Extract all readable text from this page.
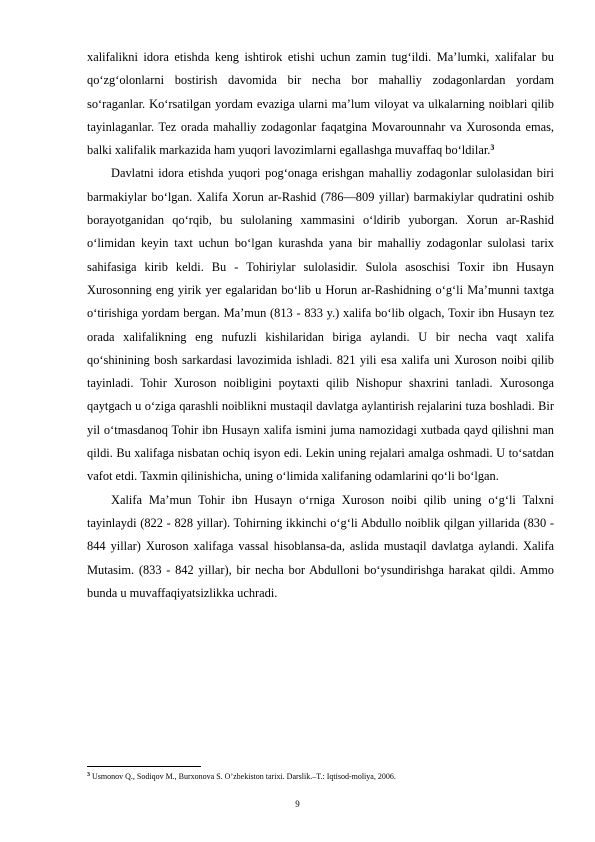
xalifalikni idora etishda keng ishtirok etishi uchun zamin tug‘ildi. Ma’lumki, xalifalar bu qo‘zg‘olonlarni bostirish davomida bir necha bor mahalliy zodagonlardan yordam so‘raganlar. Ko‘rsatilgan yordam evaziga ularni ma’lum viloyat va ulkalarning noiblari qilib tayinlaganlar. Tez orada mahalliy zodagonlar faqatgina Movarounnahr va Xurosonda emas, balki xalifalik markazida ham yuqori lavozimlarni egallashga muvaffaq bo‘ldilar.$^3$

Davlatni idora etishda yuqori pog‘onaga erishgan mahalliy zodagonlar sulolasidan biri barmakiylar bo‘lgan. Xalifa Xorun ar-Rashid (786—809 yillar) barmakiylar qudratini oshib borayotganidan qo‘rqib, bu sulolaning xammasini o‘ldirib yuborgan. Xorun ar-Rashid o‘limidan keyin taxt uchun bo‘lgan kurashda yana bir mahalliy zodagonlar sulolasi tarix sahifasiga kirib keldi. Bu - Tohiriylar sulolasidir. Sulola asoschisi Toxir ibn Husayn Xurosonning eng yirik yer egalaridan bo‘lib u Horun ar-Rashidning o‘g‘li Ma’munni taxtga o‘tirishiga yordam bergan. Ma’mun (813 - 833 y.) xalifa bo‘lib olgach, Toxir ibn Husayn tez orada xalifalikning eng nufuzli kishilaridan biriga aylandi. U bir necha vaqt xalifa qo‘shinining bosh sarkardasi lavozimida ishladi. 821 yili esa xalifa uni Xuroson noibi qilib tayinladi. Tohir Xuroson noibligini poytaxti qilib Nishopur shaxrini tanladi. Xurosonga qaytgach u o‘ziga qarashli noiblikni mustaqil davlatga aylantirish rejalarini tuza boshladi. Bir yil o‘tmasdanoq Tohir ibn Husayn xalifa ismini juma namozidagi xutbada qayd qilishni man qildi. Bu xalifaga nisbatan ochiq isyon edi. Lekin uning rejalari amalga oshmadi. U to‘satdan vafot etdi. Taxmin qilinishicha, uning o‘limida xalifaning odamlarini qo‘li bo‘lgan.

Xalifa Ma’mun Tohir ibn Husayn o‘rniga Xuroson noibi qilib uning o‘g‘li Talxni tayinlaydi (822 - 828 yillar). Tohirning ikkinchi o‘g‘li Abdullo noiblik qilgan yillarida (830 - 844 yillar) Xuroson xalifaga vassal hisoblansa-da, aslida mustaqil davlatga aylandi. Xalifa Mutasim. (833 - 842 yillar), bir necha bor Abdulloni bo‘ysundirishga harakat qildi. Ammo bunda u muvaffaqiyatsizlikka uchradi.

$^3$ Usmonov Q., Sodiqov M., Burxonova S. O’zbekiston tarixi. Darslik.–T.: Iqtisod-moliya, 2006.

9
